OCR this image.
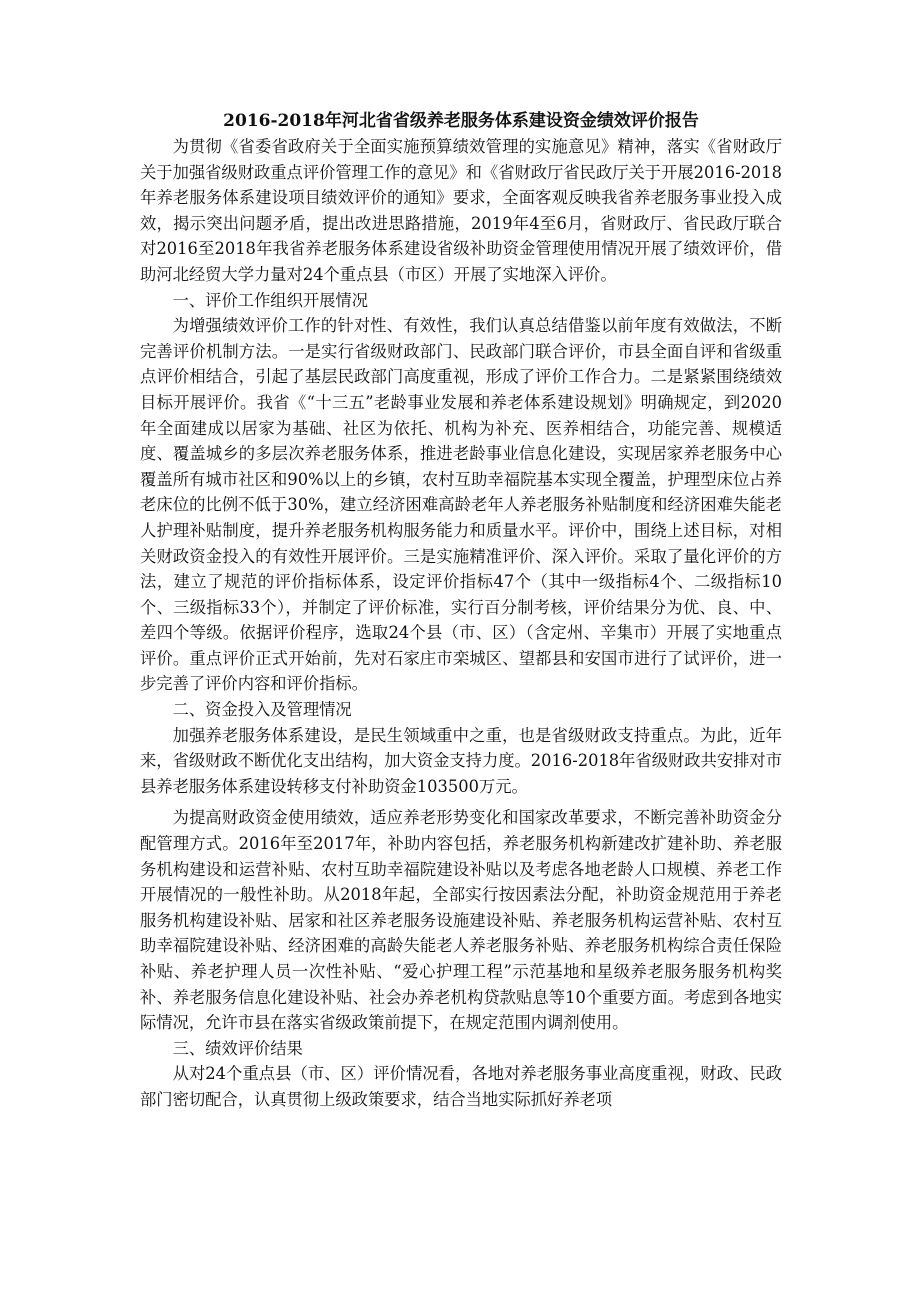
2016-2018年河北省省级养老服务体系建设资金绩效评价报告

为贯彻《省委省政府关于全面实施预算绩效管理的实施意见》精神，落实《省财政厅关于加强省级财政重点评价管理工作的意见》和《省财政厅省民政厅关于开展2016-2018年养老服务体系建设项目绩效评价的通知》要求，全面客观反映我省养老服务事业投入成效，揭示突出问题矛盾，提出改进思路措施，2019年4至6月，省财政厅、省民政厅联合对2016至2018年我省养老服务体系建设省级补助资金管理使用情况开展了绩效评价，借助河北经贸大学力量对24个重点县（市区）开展了实地深入评价。

一、评价工作组织开展情况

为增强绩效评价工作的针对性、有效性，我们认真总结借鉴以前年度有效做法，不断完善评价机制方法。一是实行省级财政部门、民政部门联合评价，市县全面自评和省级重点评价相结合，引起了基层民政部门高度重视，形成了评价工作合力。二是紧紧围绕绩效目标开展评价。我省《“十三五”老龄事业发展和养老体系建设规划》明确规定，到2020年全面建成以居家为基础、社区为依托、机构为补充、医养相结合，功能完善、规模适度、覆盖城乡的多层次养老服务体系，推进老龄事业信息化建设，实现居家养老服务中心覆盖所有城市社区和90%以上的乡镇，农村互助幸福院基本实现全覆盖，护理型床位占养老床位的比例不低于30%，建立经济困难高龄老年人养老服务补贴制度和经济困难失能老人护理补贴制度，提升养老服务机构服务能力和质量水平。评价中，围绕上述目标，对相关财政资金投入的有效性开展评价。三是实施精准评价、深入评价。采取了量化评价的方法，建立了规范的评价指标体系，设定评价指标47个（其中一级指标4个、二级指标10个、三级指标33个），并制定了评价标准，实行百分制考核，评价结果分为优、良、中、差四个等级。依据评价程序，选取24个县（市、区）（含定州、辛集市）开展了实地重点评价。重点评价正式开始前，先对石家庄市栾城区、望都县和安国市进行了试评价，进一步完善了评价内容和评价指标。

二、资金投入及管理情况

加强养老服务体系建设，是民生领域重中之重，也是省级财政支持重点。为此，近年来，省级财政不断优化支出结构，加大资金支持力度。2016-2018年省级财政共安排对市县养老服务体系建设转移支付补助资金103500万元。

为提高财政资金使用绩效，适应养老形势变化和国家改革要求，不断完善补助资金分配管理方式。2016年至2017年，补助内容包括，养老服务机构新建改扩建补助、养老服务机构建设和运营补贴、农村互助幸福院建设补贴以及考虑各地老龄人口规模、养老工作开展情况的一般性补助。从2018年起，全部实行按因素法分配，补助资金规范用于养老服务机构建设补贴、居家和社区养老服务设施建设补贴、养老服务机构运营补贴、农村互助幸福院建设补贴、经济困难的高龄失能老人养老服务补贴、养老服务机构综合责任保险补贴、养老护理人员一次性补贴、“爱心护理工程”示范基地和星级养老服务服务机构奖补、养老服务信息化建设补贴、社会办养老机构贷款贴息等10个重要方面。考虑到各地实际情况，允许市县在落实省级政策前提下，在规定范围内调剂使用。

三、绩效评价结果

从对24个重点县（市、区）评价情况看，各地对养老服务事业高度重视，财政、民政部门密切配合，认真贯彻上级政策要求，结合当地实际抓好养老项
